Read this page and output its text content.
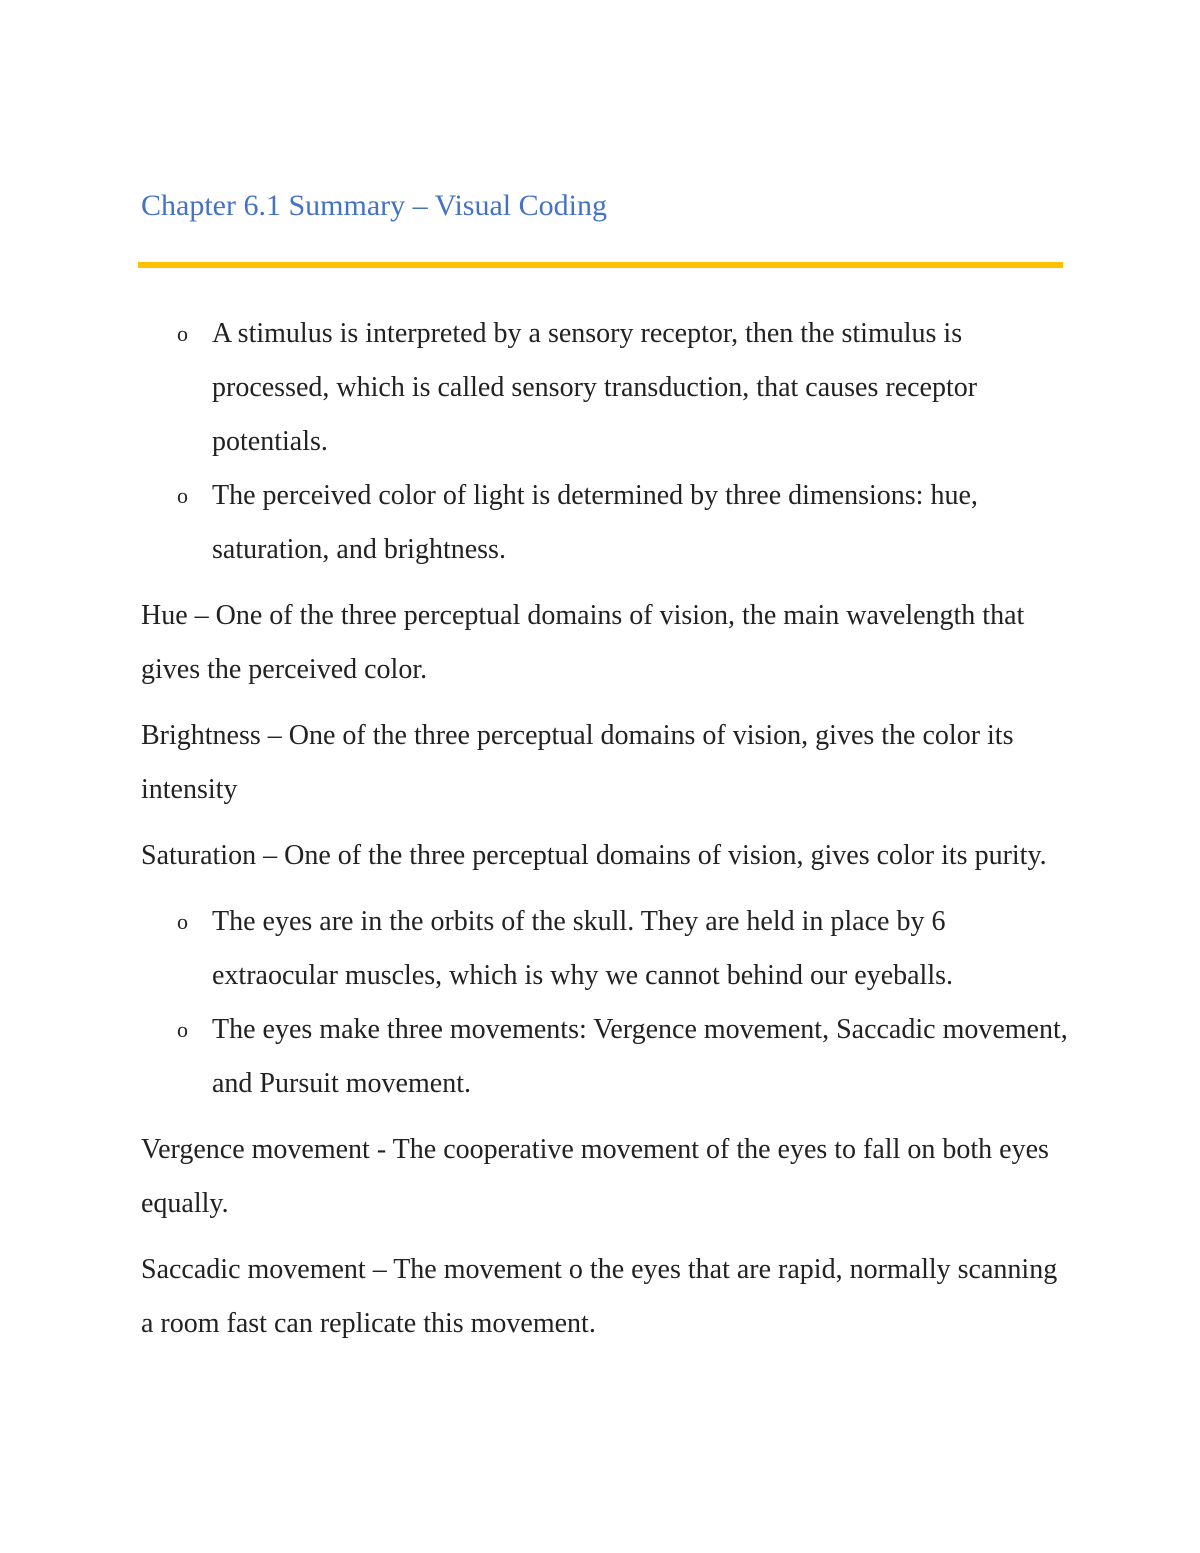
Chapter 6.1 Summary – Visual Coding
o A stimulus is interpreted by a sensory receptor, then the stimulus is processed, which is called sensory transduction, that causes receptor potentials.
o The perceived color of light is determined by three dimensions: hue, saturation, and brightness.

Hue – One of the three perceptual domains of vision, the main wavelength that gives the perceived color.

Brightness – One of the three perceptual domains of vision, gives the color its intensity

Saturation – One of the three perceptual domains of vision, gives color its purity.

o The eyes are in the orbits of the skull. They are held in place by 6 extraocular muscles, which is why we cannot behind our eyeballs.
o The eyes make three movements: Vergence movement, Saccadic movement, and Pursuit movement.

Vergence movement - The cooperative movement of the eyes to fall on both eyes equally.

Saccadic movement – The movement o the eyes that are rapid, normally scanning a room fast can replicate this movement.
